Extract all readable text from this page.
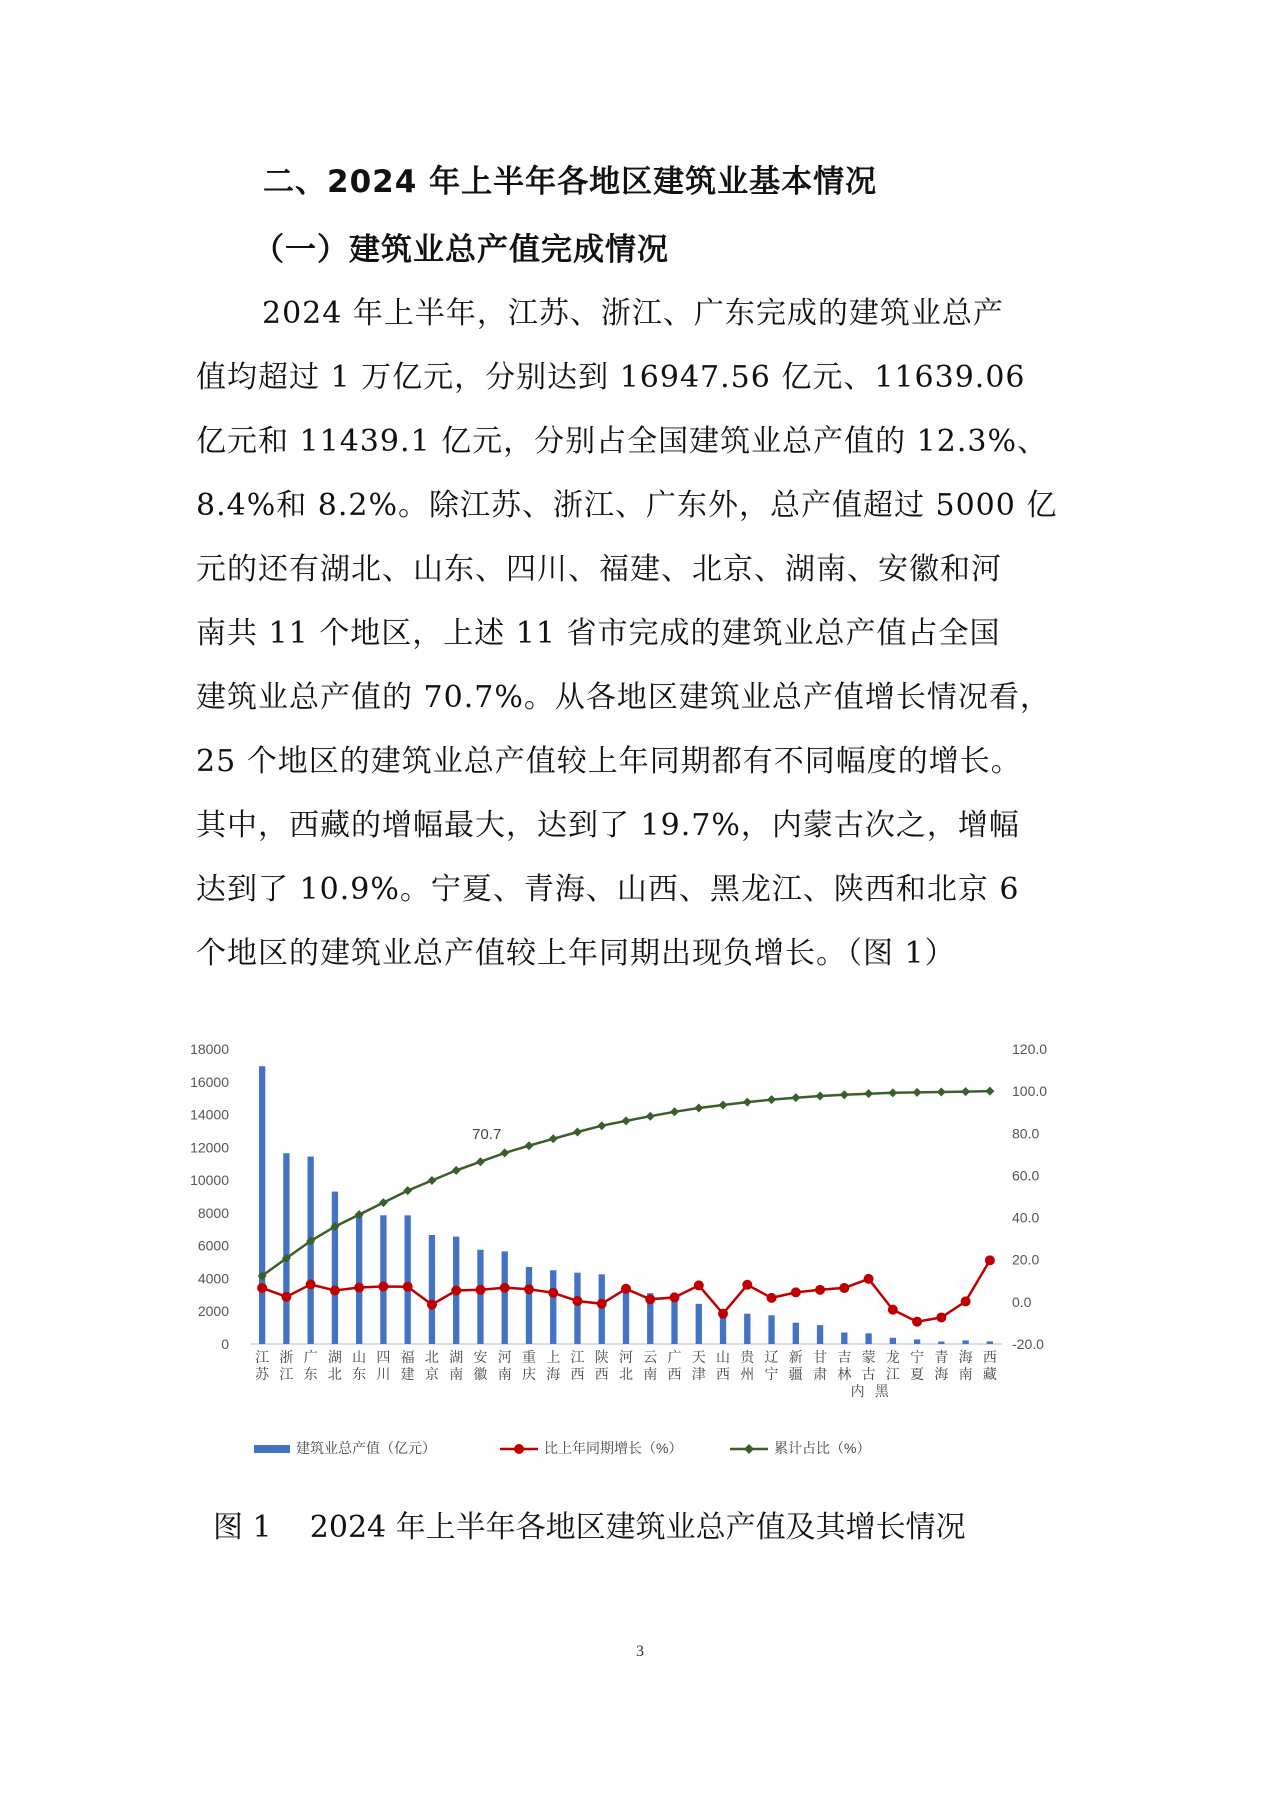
二、2024 年上半年各地区建筑业基本情况
（一）建筑业总产值完成情况
2024 年上半年，江苏、浙江、广东完成的建筑业总产
值均超过 1 万亿元，分别达到 16947.56 亿元、11639.06
亿元和 11439.1 亿元，分别占全国建筑业总产值的 12.3%、
8.4%和 8.2%。除江苏、浙江、广东外，总产值超过 5000 亿
元的还有湖北、山东、四川、福建、北京、湖南、安徽和河
南共 11 个地区，上述 11 省市完成的建筑业总产值占全国
建筑业总产值的 70.7%。从各地区建筑业总产值增长情况看，
25 个地区的建筑业总产值较上年同期都有不同幅度的增长。
其中，西藏的增幅最大，达到了 19.7%，内蒙古次之，增幅
达到了 10.9%。宁夏、青海、山西、黑龙江、陕西和北京 6
个地区的建筑业总产值较上年同期出现负增长。（图 1）
0
2000
4000
6000
8000
10000
12000
14000
16000
18000
-20.0
0.0
20.0
40.0
60.0
80.0
100.0
120.0
70.7
江
苏
浙
江
广
东
湖
北
山
东
四
川
福
建
北
京
湖
南
安
徽
河
南
重
庆
上
海
江
西
陕
西
河
北
云
南
广
西
天
津
山
西
贵
州
辽
宁
新
疆
甘
肃
吉
林
内
蒙
古
黑
龙
江
宁
夏
青
海
海
南
西
藏
建筑业总产值（亿元）	比上年同期增长（%）	累计占比（%）

图 1    2024 年上半年各地区建筑业总产值及其增长情况

3
